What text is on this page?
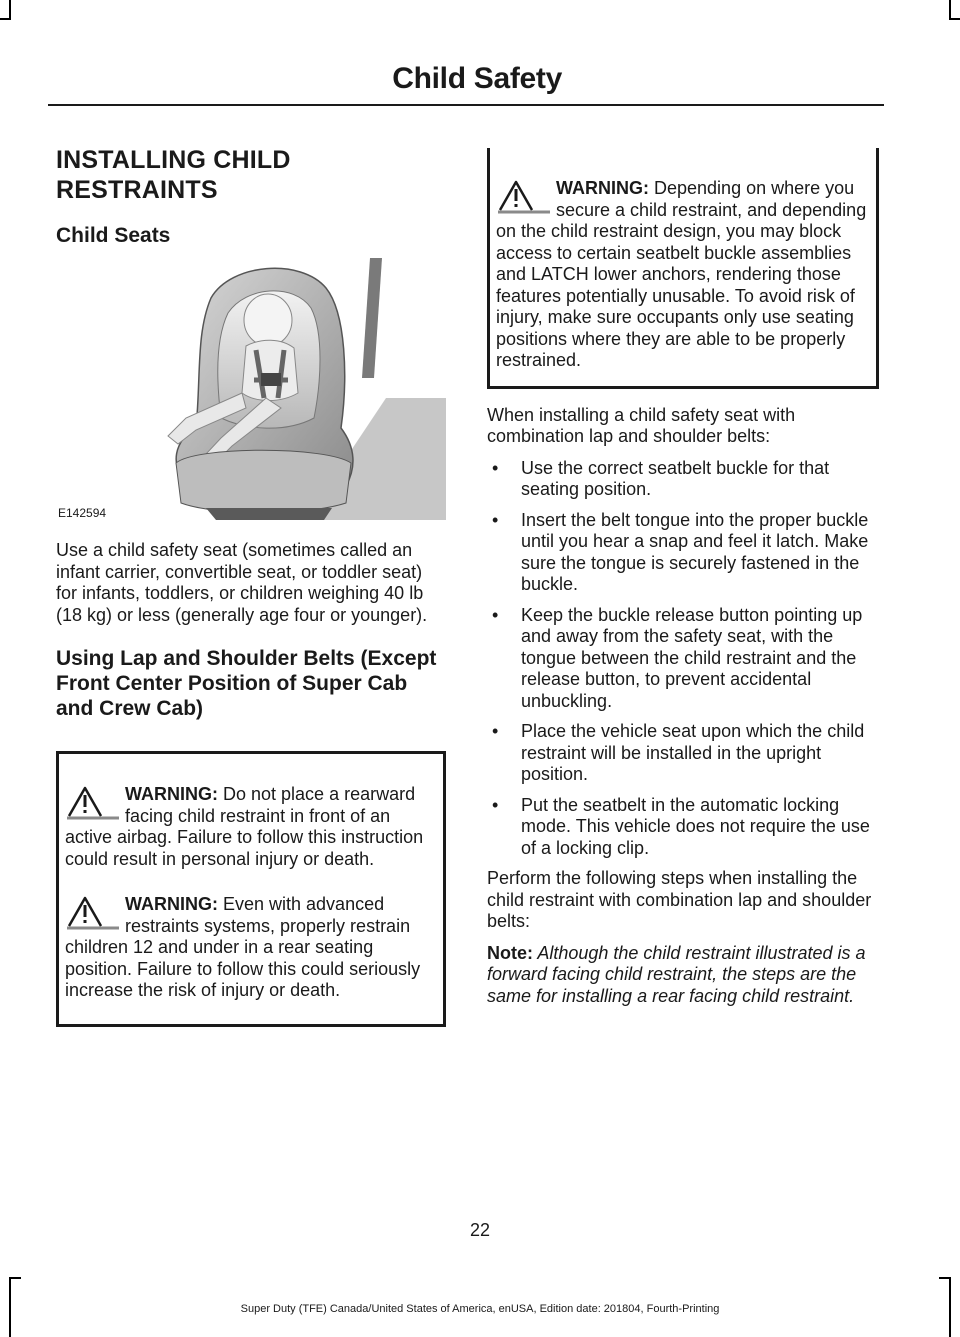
Child Safety
INSTALLING CHILD RESTRAINTS
Child Seats
E142594

Use a child safety seat (sometimes called an infant carrier, convertible seat, or toddler seat) for infants, toddlers, or children weighing 40 lb (18 kg) or less (generally age four or younger).

Using Lap and Shoulder Belts (Except Front Center Position of Super Cab and Crew Cab)
WARNING: Do not place a rearward facing child restraint in front of an active airbag. Failure to follow this instruction could result in personal injury or death.
WARNING: Even with advanced restraints systems, properly restrain children 12 and under in a rear seating position. Failure to follow this could seriously increase the risk of injury or death.
WARNING: Depending on where you secure a child restraint, and depending on the child restraint design, you may block access to certain seatbelt buckle assemblies and LATCH lower anchors, rendering those features potentially unusable. To avoid risk of injury, make sure occupants only use seating positions where they are able to be properly restrained.

When installing a child safety seat with combination lap and shoulder belts:

• Use the correct seatbelt buckle for that seating position.
• Insert the belt tongue into the proper buckle until you hear a snap and feel it latch. Make sure the tongue is securely fastened in the buckle.
• Keep the buckle release button pointing up and away from the safety seat, with the tongue between the child restraint and the release button, to prevent accidental unbuckling.
• Place the vehicle seat upon which the child restraint will be installed in the upright position.
• Put the seatbelt in the automatic locking mode. This vehicle does not require the use of a locking clip.

Perform the following steps when installing the child restraint with combination lap and shoulder belts:

Note: Although the child restraint illustrated is a forward facing child restraint, the steps are the same for installing a rear facing child restraint.

22
Super Duty (TFE) Canada/United States of America, enUSA, Edition date: 201804, Fourth-Printing
